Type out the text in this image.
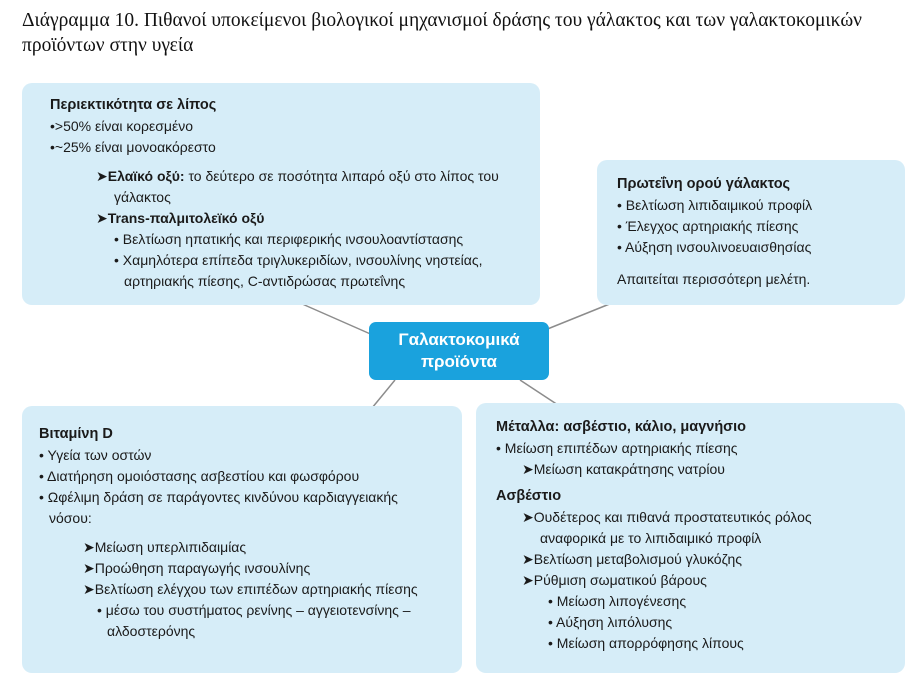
Διάγραμμα 10. Πιθανοί υποκείμενοι βιολογικοί μηχανισμοί δράσης του γάλακτος και των γαλακτοκομικών προϊόντων στην υγεία
Περιεκτικότητα σε λίπος
•>50% είναι κορεσμένο
•~25% είναι μονοακόρεστο
➤Ελαϊκό οξύ: το δεύτερο σε ποσότητα λιπαρό οξύ στο λίπος του
γάλακτος
➤Trans-παλμιτολεϊκό οξύ
• Βελτίωση ηπατικής και περιφερικής ινσουλοαντίστασης
• Χαμηλότερα επίπεδα τριγλυκεριδίων, ινσουλίνης νηστείας,
αρτηριακής πίεσης, C-αντιδρώσας πρωτεΐνης
Πρωτεΐνη ορού γάλακτος
• Βελτίωση λιπιδαιμικού προφίλ
• Έλεγχος αρτηριακής πίεσης
• Αύξηση ινσουλινοευαισθησίας
Απαιτείται περισσότερη μελέτη.
Γαλακτοκομικά
προϊόντα
Βιταμίνη D
• Υγεία των οστών
• Διατήρηση ομοιόστασης ασβεστίου και φωσφόρου
• Ωφέλιμη δράση σε παράγοντες κινδύνου καρδιαγγειακής
νόσου:
➤Μείωση υπερλιπιδαιμίας
➤Προώθηση παραγωγής ινσουλίνης
➤Βελτίωση ελέγχου των επιπέδων αρτηριακής πίεσης
• μέσω του συστήματος ρενίνης – αγγειοτενσίνης –
αλδοστερόνης
Μέταλλα: ασβέστιο, κάλιο, μαγνήσιο
• Μείωση επιπέδων αρτηριακής πίεσης
➤Μείωση κατακράτησης νατρίου
Ασβέστιο
➤Ουδέτερος και πιθανά προστατευτικός ρόλος
αναφορικά με το λιπιδαιμικό προφίλ
➤Βελτίωση μεταβολισμού γλυκόζης
➤Ρύθμιση σωματικού βάρους
• Μείωση λιπογένεσης
• Αύξηση λιπόλυσης
• Μείωση απορρόφησης λίπους
